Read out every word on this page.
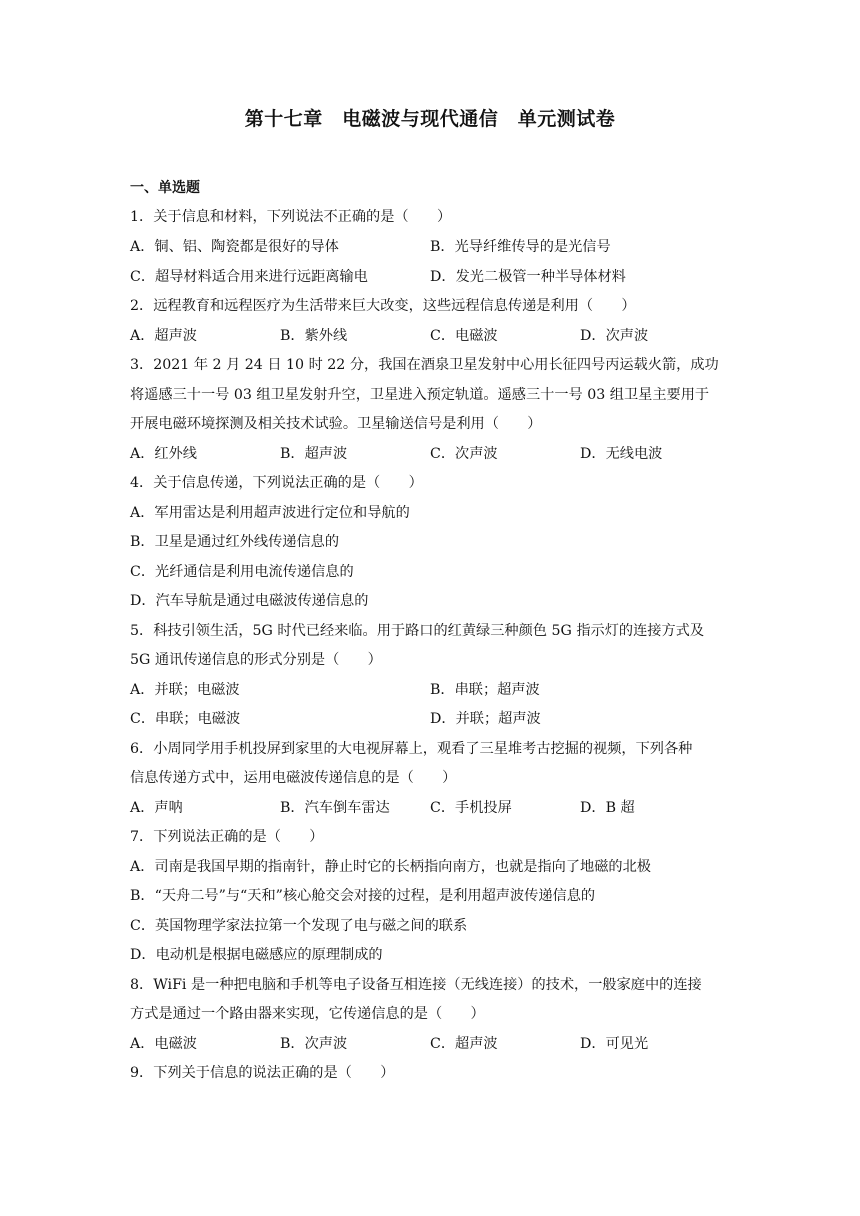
第十七章　电磁波与现代通信　单元测试卷
一、单选题
1．关于信息和材料，下列说法不正确的是（　　）
A．铜、铝、陶瓷都是很好的导体	B．光导纤维传导的是光信号
C．超导材料适合用来进行远距离输电	D．发光二极管一种半导体材料
2．远程教育和远程医疗为生活带来巨大改变，这些远程信息传递是利用（　　）
A．超声波	B．紫外线	C．电磁波	D．次声波
3．2021 年 2 月 24 日 10 时 22 分，我国在酒泉卫星发射中心用长征四号丙运载火箭，成功
将遥感三十一号 03 组卫星发射升空，卫星进入预定轨道。遥感三十一号 03 组卫星主要用于
开展电磁环境探测及相关技术试验。卫星输送信号是利用（　　）
A．红外线	B．超声波	C．次声波	D．无线电波
4．关于信息传递，下列说法正确的是（　　）
A．军用雷达是利用超声波进行定位和导航的
B．卫星是通过红外线传递信息的
C．光纤通信是利用电流传递信息的
D．汽车导航是通过电磁波传递信息的
5．科技引领生活，5G 时代已经来临。用于路口的红黄绿三种颜色 5G 指示灯的连接方式及
5G 通讯传递信息的形式分别是（　　）
A．并联；电磁波	B．串联；超声波
C．串联；电磁波	D．并联；超声波
6．小周同学用手机投屏到家里的大电视屏幕上，观看了三星堆考古挖掘的视频，下列各种
信息传递方式中，运用电磁波传递信息的是（　　）
A．声呐	B．汽车倒车雷达	C．手机投屏	D．B 超
7．下列说法正确的是（　　）
A．司南是我国早期的指南针，静止时它的长柄指向南方，也就是指向了地磁的北极
B．“天舟二号”与“天和”核心舱交会对接的过程，是利用超声波传递信息的
C．英国物理学家法拉第一个发现了电与磁之间的联系
D．电动机是根据电磁感应的原理制成的
8．WiFi 是一种把电脑和手机等电子设备互相连接（无线连接）的技术，一般家庭中的连接
方式是通过一个路由器来实现，它传递信息的是（　　）
A．电磁波	B．次声波	C．超声波	D．可见光
9．下列关于信息的说法正确的是（　　）
